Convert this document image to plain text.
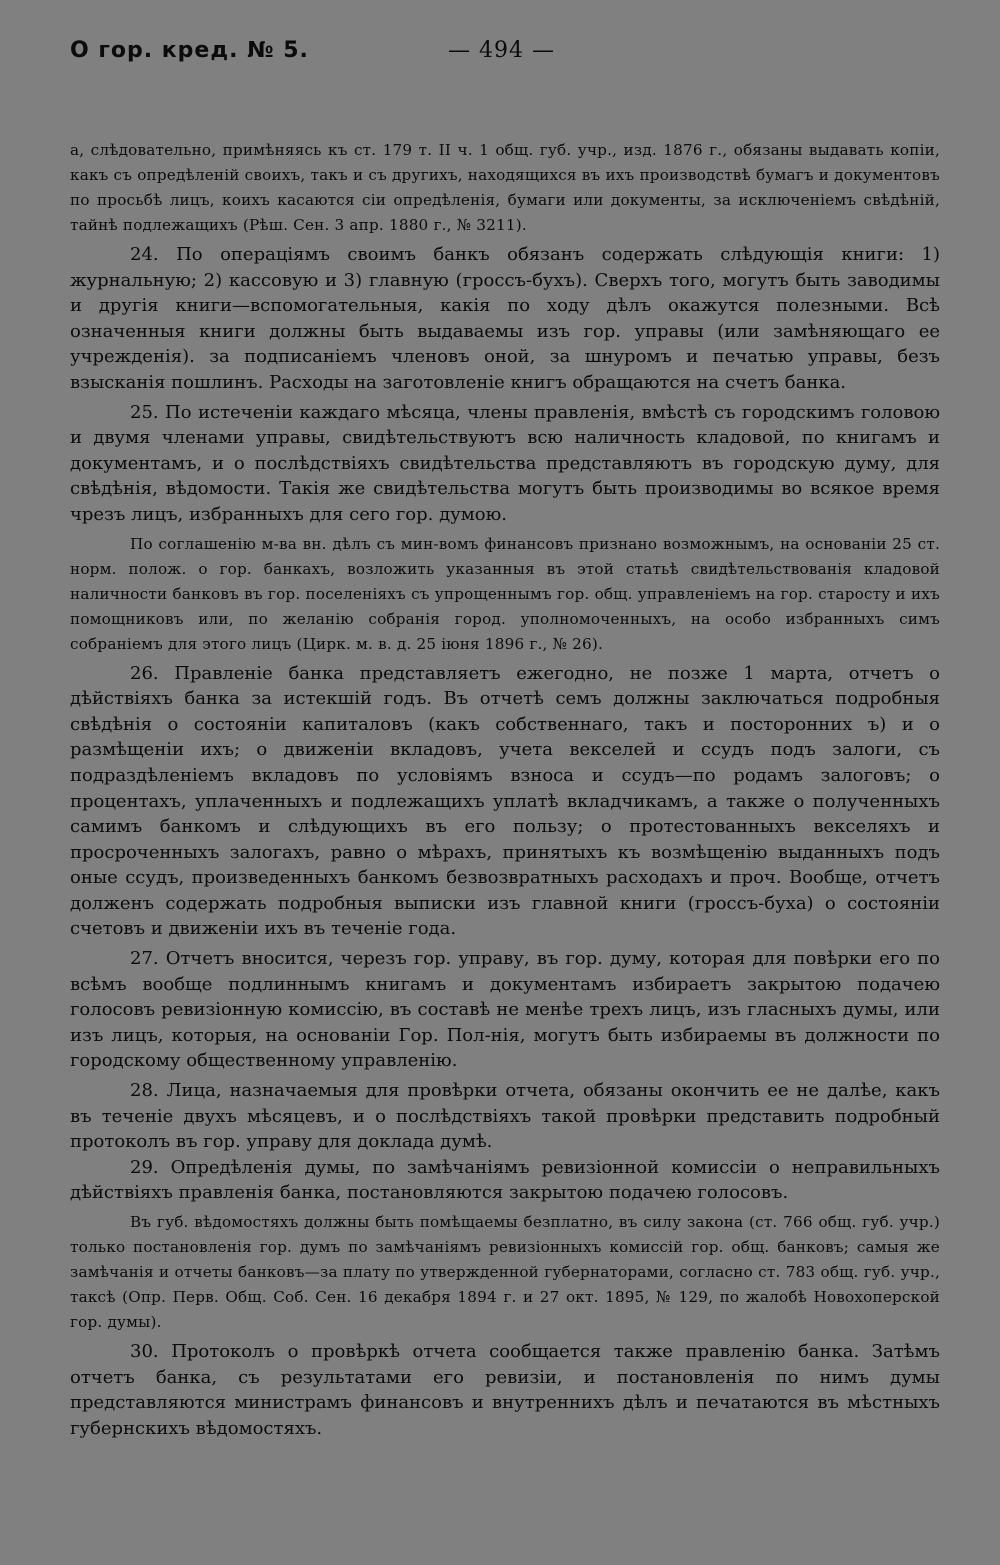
О гор. кред. № 5.	— 494 —

а, слѣдовательно, примѣняясь къ ст. 179 т. II ч. 1 общ. губ. учр., изд. 1876 г., обязаны выдавать копіи, какъ съ опредѣленій своихъ, такъ и съ другихъ, находящихся въ ихъ производствѣ бумагъ и документовъ по просьбѣ лицъ, коихъ касаются сіи опредѣленія, бумаги или документы, за исключеніемъ свѣдѣній, тайнѣ подлежащихъ (Рѣш. Сен. 3 апр. 1880 г., № 3211).

24. По операціямъ своимъ банкъ обязанъ содержать слѣдующія книги: 1) журнальную; 2) кассовую и 3) главную (гроссъ-бухъ). Сверхъ того, могутъ быть заводимы и другія книги—вспомогательныя, какія по ходу дѣлъ окажутся полезными. Всѣ означенныя книги должны быть выдаваемы изъ гор. управы (или замѣняющаго ее учрежденія). за подписаніемъ членовъ оной, за шнуромъ и печатью управы, безъ взысканія пошлинъ. Расходы на заготовленіе книгъ обращаются на счетъ банка.

25. По истеченіи каждаго мѣсяца, члены правленія, вмѣстѣ съ городскимъ головою и двумя членами управы, свидѣтельствуютъ всю наличность кладовой, по книгамъ и документамъ, и о послѣдствіяхъ свидѣтельства представляютъ въ городскую думу, для свѣдѣнія, вѣдомости. Такія же свидѣтельства могутъ быть производимы во всякое время чрезъ лицъ, избранныхъ для сего гор. думою.

По соглашенію м-ва вн. дѣлъ съ мин-вомъ финансовъ признано возможнымъ, на основаніи 25 ст. норм. полож. о гор. банкахъ, возложить указанныя въ этой статьѣ свидѣтельствованія кладовой наличности банковъ въ гор. поселеніяхъ съ упрощеннымъ гор. общ. управленіемъ на гор. старосту и ихъ помощниковъ или, по желанію собранія город. уполномоченныхъ, на особо избранныхъ симъ собраніемъ для этого лицъ (Цирк. м. в. д. 25 іюня 1896 г., № 26).

26. Правленіе банка представляетъ ежегодно, не позже 1 марта, отчетъ о дѣйствіяхъ банка за истекшій годъ. Въ отчетѣ семъ должны заключаться подробныя свѣдѣнія о состояніи капиталовъ (какъ собственнаго, такъ и посторонних ъ) и о размѣщеніи ихъ; о движеніи вкладовъ, учета векселей и ссудъ подъ залоги, съ подраздѣленіемъ вкладовъ по условіямъ взноса и ссудъ—по родамъ залоговъ; о процентахъ, уплаченныхъ и подлежащихъ уплатѣ вкладчикамъ, а также о полученныхъ самимъ банкомъ и слѣдующихъ въ его пользу; о протестованныхъ векселяхъ и просроченныхъ залогахъ, равно о мѣрахъ, принятыхъ къ возмѣщенію выданныхъ подъ оные ссудъ, произведенныхъ банкомъ безвозвратныхъ расходахъ и проч. Вообще, отчетъ долженъ содержать подробныя выписки изъ главной книги (гроссъ-буха) о состояніи счетовъ и движеніи ихъ въ теченіе года.

27. Отчетъ вносится, черезъ гор. управу, въ гор. думу, которая для повѣрки его по всѣмъ вообще подлиннымъ книгамъ и документамъ избираетъ закрытою подачею голосовъ ревизіонную комиссію, въ составѣ не менѣе трехъ лицъ, изъ гласныхъ думы, или изъ лицъ, которыя, на основаніи Гор. Пол-нія, могутъ быть избираемы въ должности по городскому общественному управленію.

28. Лица, назначаемыя для провѣрки отчета, обязаны окончить ее не далѣе, какъ въ теченіе двухъ мѣсяцевъ, и о послѣдствіяхъ такой провѣрки представить подробный протоколъ въ гор. управу для доклада думѣ.

29. Опредѣленія думы, по замѣчаніямъ ревизіонной комиссіи о неправильныхъ дѣйствіяхъ правленія банка, постановляются закрытою подачею голосовъ.

Въ губ. вѣдомостяхъ должны быть помѣщаемы безплатно, въ силу закона (ст. 766 общ. губ. учр.) только постановленія гор. думъ по замѣчаніямъ ревизіонныхъ комиссій гор. общ. банковъ; самыя же замѣчанія и отчеты банковъ—за плату по утвержденной губернаторами, согласно ст. 783 общ. губ. учр., таксѣ (Опр. Перв. Общ. Соб. Сен. 16 декабря 1894 г. и 27 окт. 1895, № 129, по жалобѣ Новохоперской гор. думы).

30. Протоколъ о провѣркѣ отчета сообщается также правленію банка. Затѣмъ отчетъ банка, съ результатами его ревизіи, и постановленія по нимъ думы представляются министрамъ финансовъ и внутреннихъ дѣлъ и печатаются въ мѣстныхъ губернскихъ вѣдомостяхъ.
